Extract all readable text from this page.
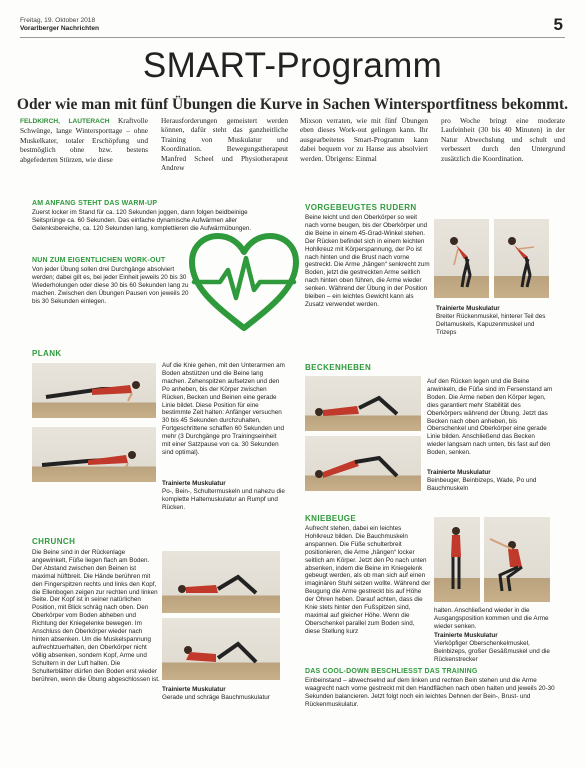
Freitag, 19. Oktober 2018
Vorarlberger Nachrichten	5
SMART-Programm
Oder wie man mit fünf Übungen die Kurve in Sachen Wintersportfitness bekommt.
FELDKIRCH, LAUTERACH Kraftvolle Schwünge, lange Wintersporttage – ohne Muskelkater, totaler Erschöpfung und bestmöglich ohne bzw. bestens abgefederten Stürzen, wie diese
Herausforderungen gemeistert werden können, dafür steht das ganzheitliche Training von Muskulatur und Koordination. Bewegungstherapeut Manfred Scheel und Physiotherapeut Andrew
Mixson verraten, wie mit fünf Übungen eben dieses Work-out gelingen kann. Ihr ausgearbeitetes Smart-Programm kann dabei bequem vor zu Hause aus absolviert werden. Übrigens: Einmal
pro Woche bringt eine moderate Laufeinheit (30 bis 40 Minuten) in der Natur Abwechslung und schult und verbessert durch den Untergrund zusätzlich die Koordination.
AM ANFANG STEHT DAS WARM-UP
Zuerst locker im Stand für ca. 120 Sekunden joggen, dann folgen beidbeinige Seitsprünge ca. 60 Sekunden. Das einfache dynamische Aufwärmen aller Gelenksbereiche, ca. 120 Sekunden lang, komplettieren die Aufwärmübungen.
NUN ZUM EIGENTLICHEN WORK-OUT
Von jeder Übung sollen drei Durchgänge absolviert werden; dabei gilt es, bei jeder Einheit jeweils 20 bis 30 Wiederholungen oder diese 30 bis 60 Sekunden lang zu machen. Zwischen den Übungen Pausen von jeweils 20 bis 30 Sekunden einlegen.
VORGEBEUGTES RUDERN
Beine leicht und den Oberkörper so weit nach vorne beugen, bis der Oberkörper und die Beine in einem 45-Grad-Winkel stehen. Der Rücken befindet sich in einem leichten Hohlkreuz mit Körperspannung, der Po ist nach hinten und die Brust nach vorne gestreckt. Die Arme „hängen“ senkrecht zum Boden, jetzt die gestreckten Arme seitlich nach hinten oben führen, die Arme wieder senken. Während der Übung in der Position bleiben – ein leichtes Gewicht kann als Zusatz verwendet werden.
Trainierte Muskulatur
Breiter Rückenmuskel, hinterer Teil des Deltamuskels, Kapuzenmuskel und Trizeps
PLANK
Auf die Knie gehen, mit den Unterarmen am Boden abstützen und die Beine lang machen. Zehenspitzen aufsetzen und den Po anheben, bis der Körper zwischen Rücken, Becken und Beinen eine gerade Linie bildet. Diese Position für eine bestimmte Zeit halten: Anfänger versuchen 30 bis 45 Sekunden durchzuhalten, Fortgeschrittene schaffen 60 Sekunden und mehr (3 Durchgänge pro Trainingseinheit mit einer Satzpause von ca. 30 Sekunden sind optimal).
Trainierte Muskulatur
Po-, Bein-, Schultermuskeln und nahezu die komplette Haltemuskulatur an Rumpf und Rücken.
BECKENHEBEN
Auf den Rücken legen und die Beine anwinkeln, die Füße sind im Fersenstand am Boden. Die Arme neben den Körper legen, dies garantiert mehr Stabilität des Oberkörpers während der Übung. Jetzt das Becken nach oben anheben, bis Oberschenkel und Oberkörper eine gerade Linie bilden. Anschließend das Becken wieder langsam nach unten, bis fast auf den Boden, senken.
Trainierte Muskulatur
Beinbeuger, Beinbizeps, Wade, Po und Bauchmuskeln
CHRUNCH
Die Beine sind in der Rückenlage angewinkelt, Füße liegen flach am Boden. Der Abstand zwischen den Beinen ist maximal hüftbreit. Die Hände berühren mit den Fingerspitzen rechts und links den Kopf, die Ellenbogen zeigen zur rechten und linken Seite. Der Kopf ist in seiner natürlichen Position, mit Blick schräg nach oben. Den Oberkörper vom Boden abheben und Richtung der Kniegelenke bewegen. Im Anschluss den Oberkörper wieder nach hinten absenken. Um die Muskelspannung aufrechtzuerhalten, den Oberkörper nicht völlig absenken, sondern Kopf, Arme und Schultern in der Luft halten. Die Schulterblätter dürfen den Boden erst wieder berühren, wenn die Übung abgeschlossen ist.
Trainierte Muskulatur
Gerade und schräge Bauchmuskulatur
KNIEBEUGE
Aufrecht stehen, dabei ein leichtes Hohlkreuz bilden. Die Bauchmuskeln anspannen. Die Füße schulterbreit positionieren, die Arme „hängen“ locker seitlich am Körper. Jetzt den Po nach unten absenken, indem die Beine im Kniegelenk gebeugt werden, als ob man sich auf einen imaginären Stuhl setzen wollte. Während der Beugung die Arme gestreckt bis auf Höhe der Ohren heben. Darauf achten, dass die Knie stets hinter den Fußspitzen sind, maximal auf gleicher Höhe. Wenn die Oberschenkel parallel zum Boden sind, diese Stellung kurz
halten. Anschließend wieder in die Ausgangsposition kommen und die Arme wieder senken.
Trainierte Muskulatur
Vierköpfiger Oberschenkelmuskel, Beinbizeps, großer Gesäßmuskel und die Rückenstrecker
DAS COOL-DOWN BESCHLIESST DAS TRAINING
Einbeinstand – abwechselnd auf dem linken und rechten Bein stehen und die Arme waagrecht nach vorne gestreckt mit den Handflächen nach oben halten und jeweils 20-30 Sekunden balancieren. Jetzt folgt noch ein leichtes Dehnen der Bein-, Brust- und Rückenmuskulatur.
